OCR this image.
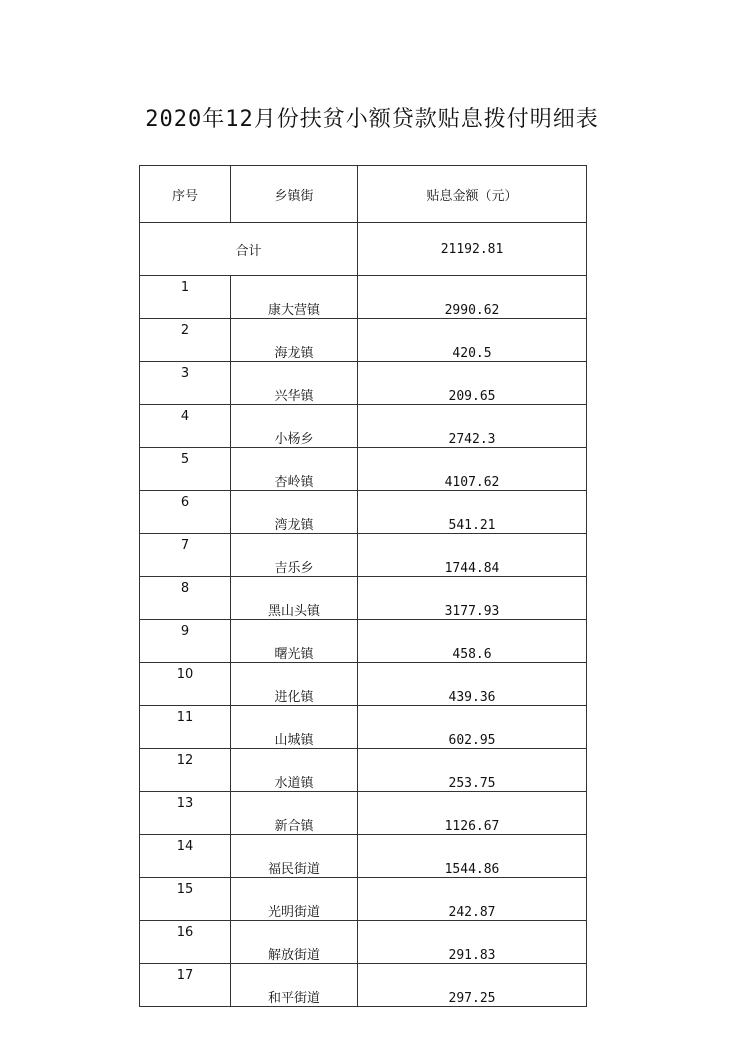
2020年12月份扶贫小额贷款贴息拨付明细表
序号	乡镇街	贴息金额（元）
合计		21192.81
1	康大营镇	2990.62
2	海龙镇	420.5
3	兴华镇	209.65
4	小杨乡	2742.3
5	杏岭镇	4107.62
6	湾龙镇	541.21
7	吉乐乡	1744.84
8	黑山头镇	3177.93
9	曙光镇	458.6
10	进化镇	439.36
11	山城镇	602.95
12	水道镇	253.75
13	新合镇	1126.67
14	福民街道	1544.86
15	光明街道	242.87
16	解放街道	291.83
17	和平街道	297.25
